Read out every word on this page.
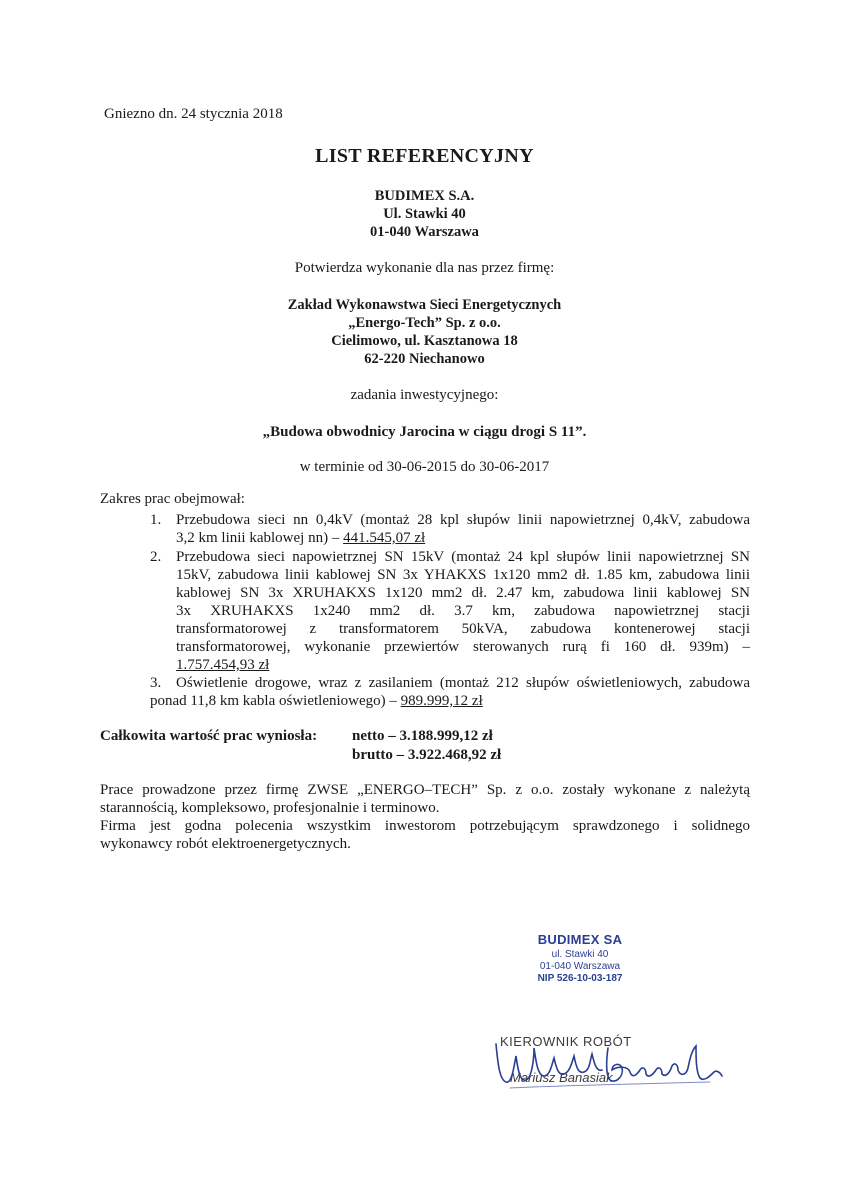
Gniezno dn. 24 stycznia 2018
LIST REFERENCYJNY
BUDIMEX S.A.
Ul. Stawki 40
01-040 Warszawa
Potwierdza wykonanie dla nas przez firmę:
Zakład Wykonawstwa Sieci Energetycznych
„Energo-Tech” Sp. z o.o.
Cielimowo, ul. Kasztanowa 18
62-220 Niechanowo
zadania inwestycyjnego:
„Budowa obwodnicy Jarocina w ciągu drogi S 11”.
w terminie od 30-06-2015 do 30-06-2017
Zakres prac obejmował:
1. Przebudowa sieci nn 0,4kV (montaż 28 kpl słupów linii napowietrznej 0,4kV, zabudowa
3,2 km linii kablowej nn) – 441.545,07 zł
2. Przebudowa sieci napowietrznej SN 15kV (montaż 24 kpl słupów linii napowietrznej SN
15kV, zabudowa linii kablowej SN 3x YHAKXS 1x120 mm2 dł. 1.85 km, zabudowa linii
kablowej SN 3x XRUHAKXS 1x120 mm2 dł. 2.47 km, zabudowa linii kablowej SN
3x XRUHAKXS 1x240 mm2 dł. 3.7 km, zabudowa napowietrznej stacji
transformatorowej z transformatorem 50kVA, zabudowa kontenerowej stacji
transformatorowej, wykonanie przewiertów sterowanych rurą fi 160 dł. 939m) –
1.757.454,93 zł
3. Oświetlenie drogowe, wraz z zasilaniem (montaż 212 słupów oświetleniowych, zabudowa
ponad 11,8 km kabla oświetleniowego) – 989.999,12 zł
Całkowita wartość prac wyniosła: netto – 3.188.999,12 zł
brutto – 3.922.468,92 zł
Prace prowadzone przez firmę ZWSE „ENERGO–TECH” Sp. z o.o. zostały wykonane z należytą
starannością, kompleksowo, profesjonalnie i terminowo.
Firma jest godna polecenia wszystkim inwestorom potrzebującym sprawdzonego i solidnego
wykonawcy robót elektroenergetycznych.
BUDIMEX SA
ul. Stawki 40
01-040 Warszawa
NIP 526-10-03-187
KIEROWNIK ROBÓT
Mariusz Banasiak
